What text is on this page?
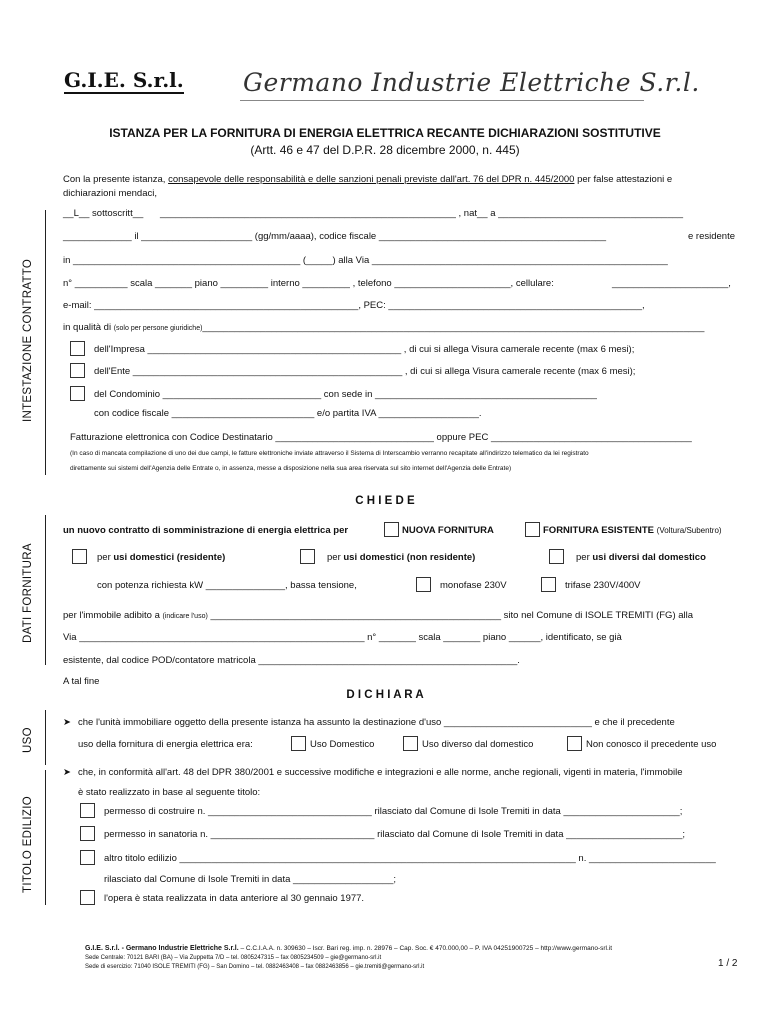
G.I.E. S.r.l. Germano Industrie Elettriche S.r.l.
ISTANZA PER LA FORNITURA DI ENERGIA ELETTRICA RECANTE DICHIARAZIONI SOSTITUTIVE
(Artt. 46 e 47 del D.P.R. 28 dicembre 2000, n. 445)
Con la presente istanza, consapevole delle responsabilità e delle sanzioni penali previste dall'art. 76 del DPR n. 445/2000 per false attestazioni e
dichiarazioni mendaci,
INTESTAZIONE CONTRATTO
DATI FORNITURA
USO
TITOLO EDILIZIO
__L__ sottoscritt__ ________________________________________________________ , nat__ a ___________________________________
_____________ il _____________________ (gg/mm/aaaa), codice fiscale ___________________________________________	e residente
in ___________________________________________ (_____) alla Via ________________________________________________________
n° __________ scala _______ piano _________ interno _________ , telefono ______________________, cellulare:	______________________,
e-mail: __________________________________________________, PEC: ________________________________________________,
in qualità di (solo per persone giuridiche)_______________________________________________________________________________________________
dell'Impresa ________________________________________________ , di cui si allega Visura camerale recente (max 6 mesi);
dell'Ente ___________________________________________________ , di cui si allega Visura camerale recente (max 6 mesi);
del Condominio ______________________________ con sede in __________________________________________
con codice fiscale ___________________________ e/o partita IVA ___________________.
Fatturazione elettronica con Codice Destinatario ______________________________ oppure PEC ______________________________________
(In caso di mancata compilazione di uno dei due campi, le fatture elettroniche inviate attraverso il Sistema di Interscambio verranno recapitate all'indirizzo telematico da lei registrato
direttamente sui sistemi dell'Agenzia delle Entrate o, in assenza, messe a disposizione nella sua area riservata sul sito internet dell'Agenzia delle Entrate)
C H I E D E
un nuovo contratto di somministrazione di energia elettrica per	NUOVA FORNITURA	FORNITURA ESISTENTE (Voltura/Subentro)
per usi domestici (residente)	per usi domestici (non residente)	per usi diversi dal domestico
con potenza richiesta kW _______________, bassa tensione,	monofase 230V	trifase 230V/400V
per l'immobile adibito a (indicare l'uso) _______________________________________________________ sito nel Comune di ISOLE TREMITI (FG) alla
Via ______________________________________________________ n° _______ scala _______ piano ______, identificato, se già
esistente, dal codice POD/contatore matricola _________________________________________________.
A tal fine
D I C H I A R A
➤ che l'unità immobiliare oggetto della presente istanza ha assunto la destinazione d'uso ____________________________ e che il precedente
uso della fornitura di energia elettrica era:	Uso Domestico	Uso diverso dal domestico	Non conosco il precedente uso
➤ che, in conformità all'art. 48 del DPR 380/2001 e successive modifiche e integrazioni e alle norme, anche regionali, vigenti in materia, l'immobile
è stato realizzato in base al seguente titolo:
permesso di costruire n. _______________________________ rilasciato dal Comune di Isole Tremiti in data ______________________;
permesso in sanatoria n. _______________________________ rilasciato dal Comune di Isole Tremiti in data ______________________;
altro titolo edilizio ___________________________________________________________________________ n. ________________________
rilasciato dal Comune di Isole Tremiti in data ___________________;
l'opera è stata realizzata in data anteriore al 30 gennaio 1977.
G.I.E. S.r.l. - Germano Industrie Elettriche S.r.l. – C.C.I.A.A. n. 309630 – Iscr. Bari reg. imp. n. 28976 – Cap. Soc. € 470.000,00 – P. IVA 04251900725 – http://www.germano-srl.it
Sede Centrale: 70121 BARI (BA) – Via Zuppetta 7/D – tel. 0805247315 – fax 0805234509 – gie@germano-srl.it
Sede di esercizio: 71040 ISOLE TREMITI (FG) – San Domino – tel. 0882463408 – fax 0882463856 – gie.tremiti@germano-srl.it	1 / 2
